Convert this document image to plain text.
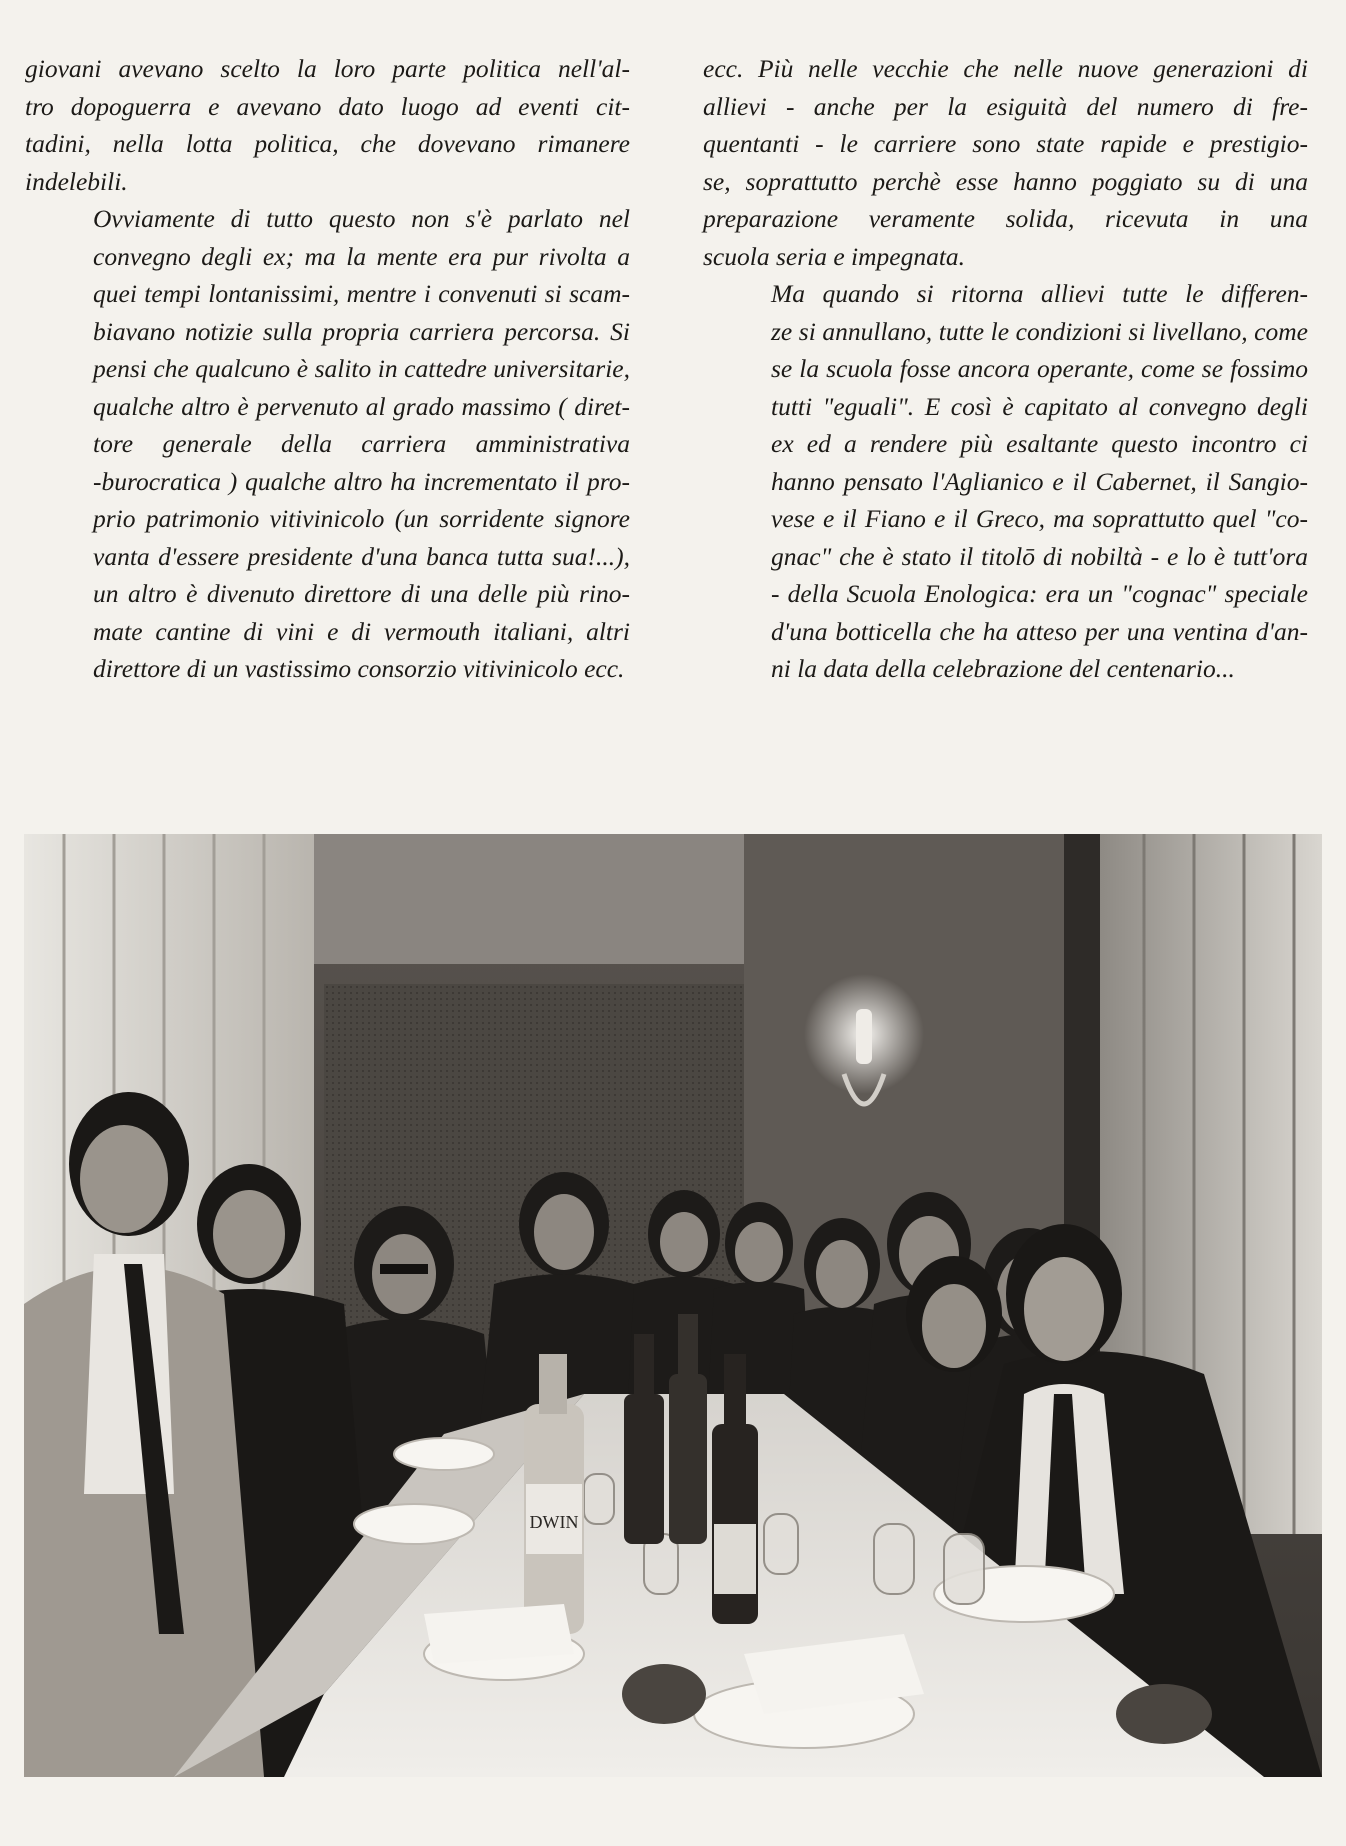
giovani avevano scelto la loro parte politica nell'al-
tro dopoguerra e avevano dato luogo ad eventi cit-
tadini, nella lotta politica, che dovevano rimanere
indelebili.

Ovviamente di tutto questo non s'è parlato nel
convegno degli ex; ma la mente era pur rivolta a
quei tempi lontanissimi, mentre i convenuti si scam-
biavano notizie sulla propria carriera percorsa. Si
pensi che qualcuno è salito in cattedre universitarie,
qualche altro è pervenuto al grado massimo ( diret-
tore generale della carriera amministrativa
-burocratica ) qualche altro ha incrementato il pro-
prio patrimonio vitivinicolo (un sorridente signore
vanta d'essere presidente d'una banca tutta sua!...),
un altro è divenuto direttore di una delle più rino-
mate cantine di vini e di vermouth italiani, altri
direttore di un vastissimo consorzio vitivinicolo ecc.

ecc. Più nelle vecchie che nelle nuove generazioni di
allievi - anche per la esiguità del numero di fre-
quentanti - le carriere sono state rapide e prestigio-
se, soprattutto perchè esse hanno poggiato su di una
preparazione veramente solida, ricevuta in una
scuola seria e impegnata.

Ma quando si ritorna allievi tutte le differen-
ze si annullano, tutte le condizioni si livellano, come
se la scuola fosse ancora operante, come se fossimo
tutti "eguali". E così è capitato al convegno degli
ex ed a rendere più esaltante questo incontro ci
hanno pensato l'Aglianico e il Cabernet, il Sangio-
vese e il Fiano e il Greco, ma soprattutto quel "co-
gnac" che è stato il titolō di nobiltà - e lo è tutt'ora
- della Scuola Enologica: era un "cognac" speciale
d'una botticella che ha atteso per una ventina d'an-
ni la data della celebrazione del centenario...

DWIN
